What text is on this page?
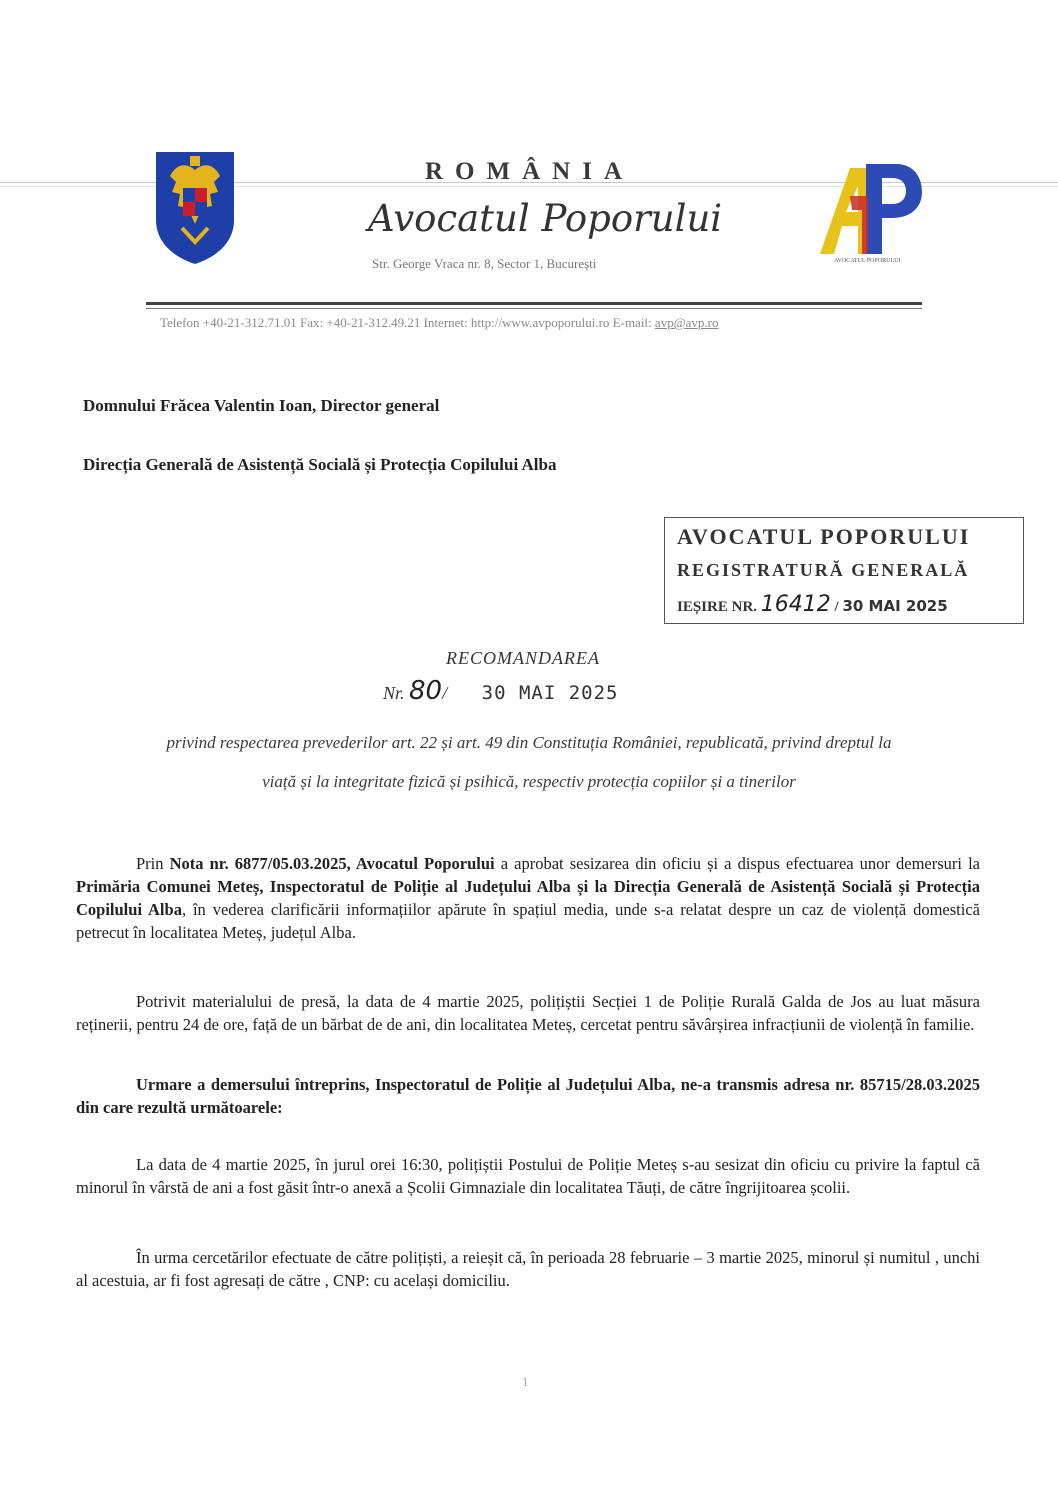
ROMÂNIA
Avocatul Poporului
Str. George Vraca nr. 8, Sector 1, București	AVOCATUL POPORULUI
Telefon +40-21-312.71.01 Fax: +40-21-312.49.21 Internet: http://www.avpoporului.ro E-mail: avp@avp.ro
Domnului Frăcea Valentin Ioan, Director general
Direcția Generală de Asistență Socială și Protecția Copilului Alba
AVOCATUL POPORULUI
REGISTRATURĂ GENERALĂ
IEȘIRE NR. 16412 / 30 MAI 2025
RECOMANDAREA
Nr. 80/ 30 MAI 2025
privind respectarea prevederilor art. 22 și art. 49 din Constituția României, republicată, privind dreptul la
viață și la integritate fizică și psihică, respectiv protecția copiilor și a tinerilor

Prin Nota nr. 6877/05.03.2025, Avocatul Poporului a aprobat sesizarea din oficiu și a dispus efectuarea unor demersuri la Primăria Comunei Meteș, Inspectoratul de Poliție al Județului Alba și la Direcția Generală de Asistență Socială și Protecția Copilului Alba, în vederea clarificării informațiilor apărute în spațiul media, unde s-a relatat despre un caz de violență domestică petrecut în localitatea Meteș, județul Alba.

Potrivit materialului de presă, la data de 4 martie 2025, polițiștii Secției 1 de Poliție Rurală Galda de Jos au luat măsura reținerii, pentru 24 de ore, față de un bărbat de de ani, din localitatea Meteș, cercetat pentru săvârșirea infracțiunii de violență în familie.

Urmare a demersului întreprins, Inspectoratul de Poliție al Județului Alba, ne-a transmis adresa nr. 85715/28.03.2025 din care rezultă următoarele:

La data de 4 martie 2025, în jurul orei 16:30, polițiștii Postului de Poliție Meteș s-au sesizat din oficiu cu privire la faptul că minorul în vârstă de ani a fost găsit într-o anexă a Școlii Gimnaziale din localitatea Tăuți, de către îngrijitoarea școlii.

În urma cercetărilor efectuate de către polițiști, a reieșit că, în perioada 28 februarie – 3 martie 2025, minorul și numitul , unchi al acestuia, ar fi fost agresați de către , CNP: cu același domiciliu.

1
